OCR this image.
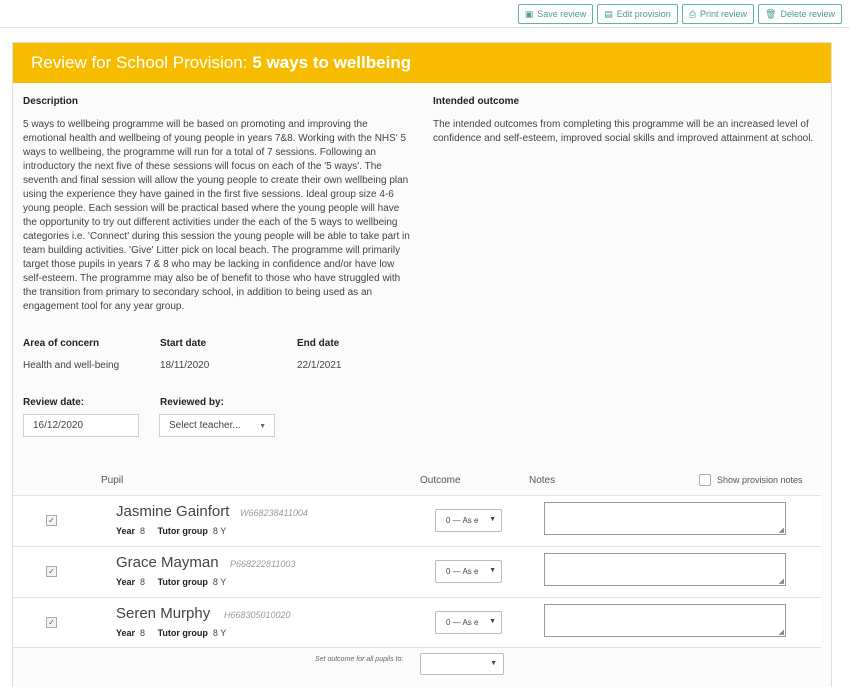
▣ Save review ▤ Edit provision ⎙ Print review 🗑 Delete review
Review for School Provision: 5 ways to wellbeing
Description
5 ways to wellbeing programme will be based on promoting and improving the emotional health and wellbeing of young people in years 7&8. Working with the NHS' 5 ways to wellbeing, the programme will run for a total of 7 sessions. Following an introductory the next five of these sessions will focus on each of the '5 ways'. The seventh and final session will allow the young people to create their own wellbeing plan using the experience they have gained in the first five sessions. Ideal group size 4-6 young people. Each session will be practical based where the young people will have the opportunity to try out different activities under the each of the 5 ways to wellbeing categories i.e. 'Connect' during this session the young people will be able to take part in team building activities. 'Give' Litter pick on local beach. The programme will primarily target those pupils in years 7 & 8 who may be lacking in confidence and/or have low self-esteem. The programme may also be of benefit to those who have struggled with the transition from primary to secondary school, in addition to being used as an engagement tool for any year group.
Intended outcome
The intended outcomes from completing this programme will be an increased level of confidence and self-esteem, improved social skills and improved attainment at school.
Area of concern
Health and well-being
Start date
18/11/2020
End date
22/1/2021
Review date:
16/12/2020
Reviewed by:
Select teacher...	▼
Pupil	Outcome	Notes	Show provision notes
✓
Jasmine Gainfort W668238411004
Year 8 Tutor group 8 Y
0 — As e ▼
◢
✓
Grace Mayman P668222811003
Year 8 Tutor group 8 Y
0 — As e ▼
◢
✓
Seren Murphy H668305010020
Year 8 Tutor group 8 Y
0 — As e ▼
◢
Set outcome for all pupils to:
▼
